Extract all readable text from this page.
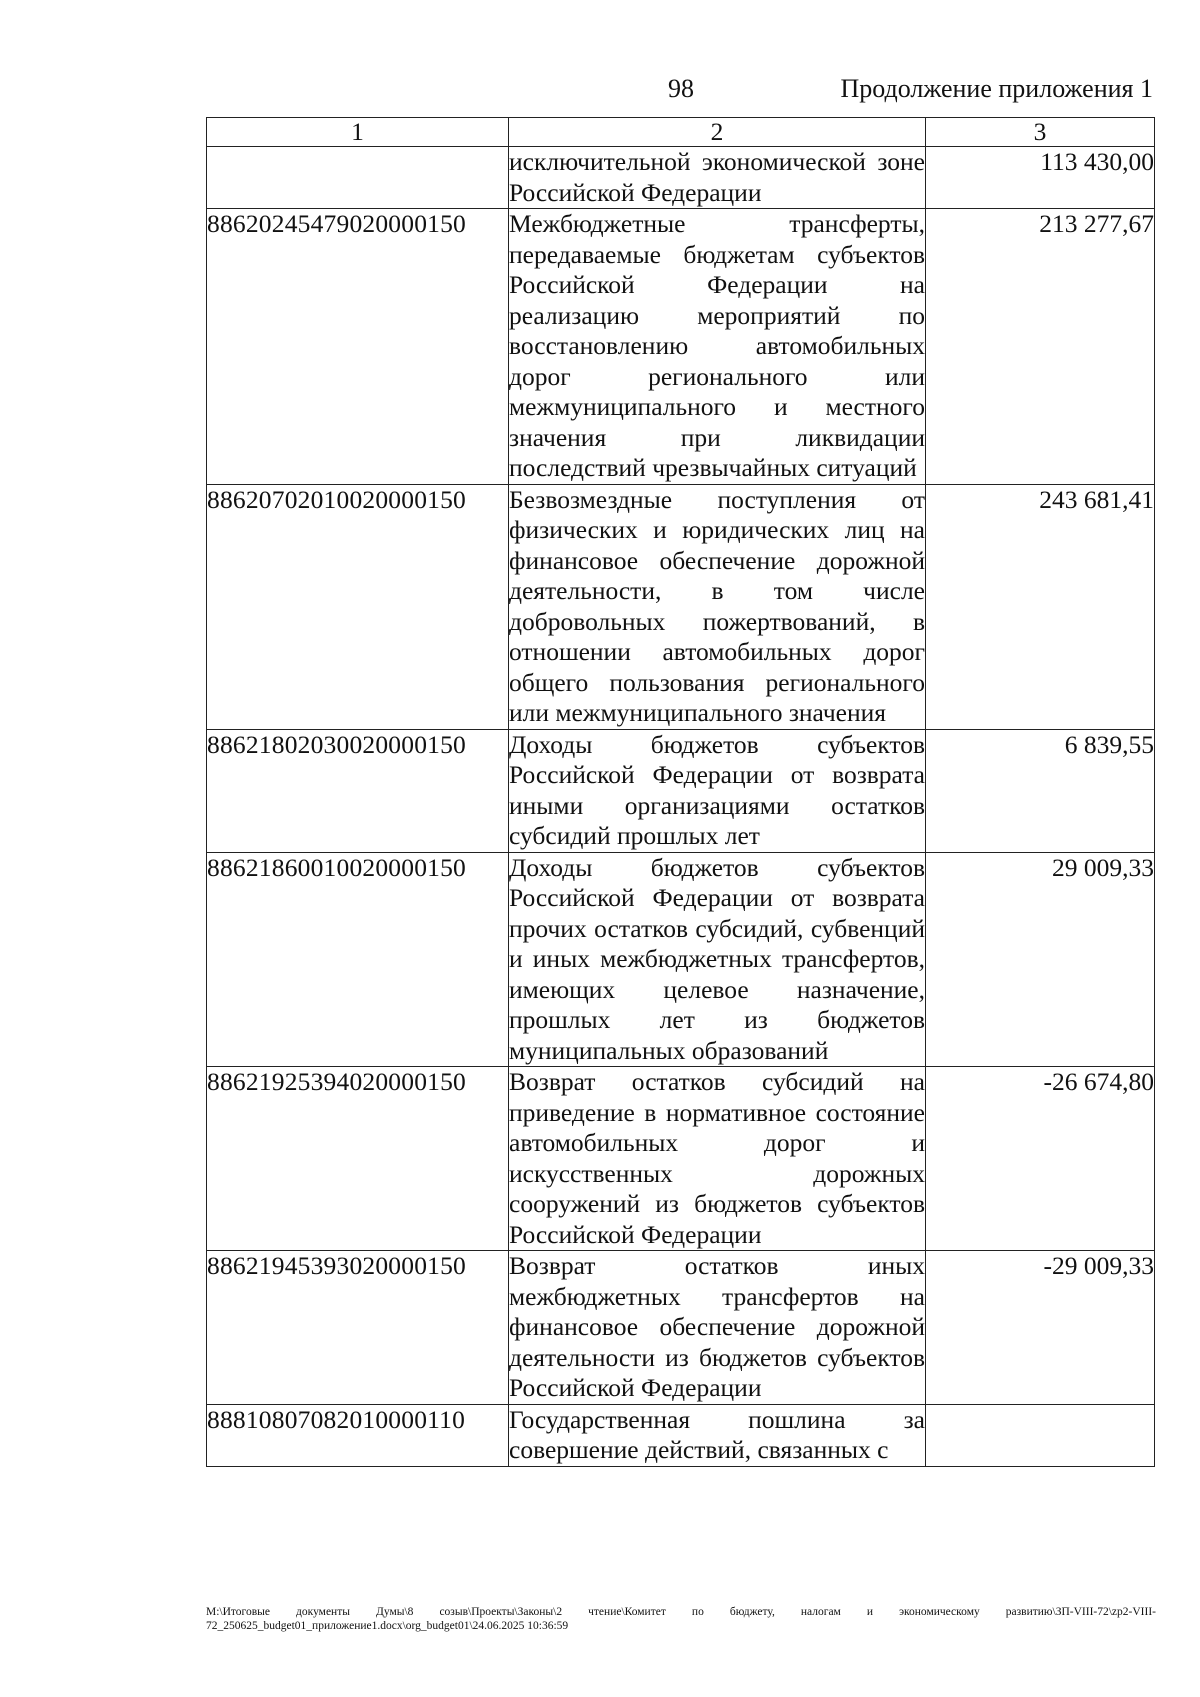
98	Продолжение приложения 1
1	2	3
	исключительной экономической зоне Российской Федерации	113 430,00
88620245479020000150	Межбюджетные трансферты, передаваемые бюджетам субъектов Российской Федерации на реализацию мероприятий по восстановлению автомобильных дорог регионального или межмуниципального и местного значения при ликвидации последствий чрезвычайных ситуаций	213 277,67
88620702010020000150	Безвозмездные поступления от физических и юридических лиц на финансовое обеспечение дорожной деятельности, в том числе добровольных пожертвований, в отношении автомобильных дорог общего пользования регионального или межмуниципального значения	243 681,41
88621802030020000150	Доходы бюджетов субъектов Российской Федерации от возврата иными организациями остатков субсидий прошлых лет	6 839,55
88621860010020000150	Доходы бюджетов субъектов Российской Федерации от возврата прочих остатков субсидий, субвенций и иных межбюджетных трансфертов, имеющих целевое назначение, прошлых лет из бюджетов муниципальных образований	29 009,33
88621925394020000150	Возврат остатков субсидий на приведение в нормативное состояние автомобильных дорог и искусственных дорожных сооружений из бюджетов субъектов Российской Федерации	-26 674,80
88621945393020000150	Возврат остатков иных межбюджетных трансфертов на финансовое обеспечение дорожной деятельности из бюджетов субъектов Российской Федерации	-29 009,33
88810807082010000110	Государственная пошлина за совершение действий, связанных с	
M:\Итоговые документы Думы\8 созыв\Проекты\Законы\2 чтение\Комитет по бюджету, налогам и экономическому развитию\ЗП-VIII-72\zp2-VIII-72_250625_budget01_приложение1.docx\org_budget01\24.06.2025 10:36:59
